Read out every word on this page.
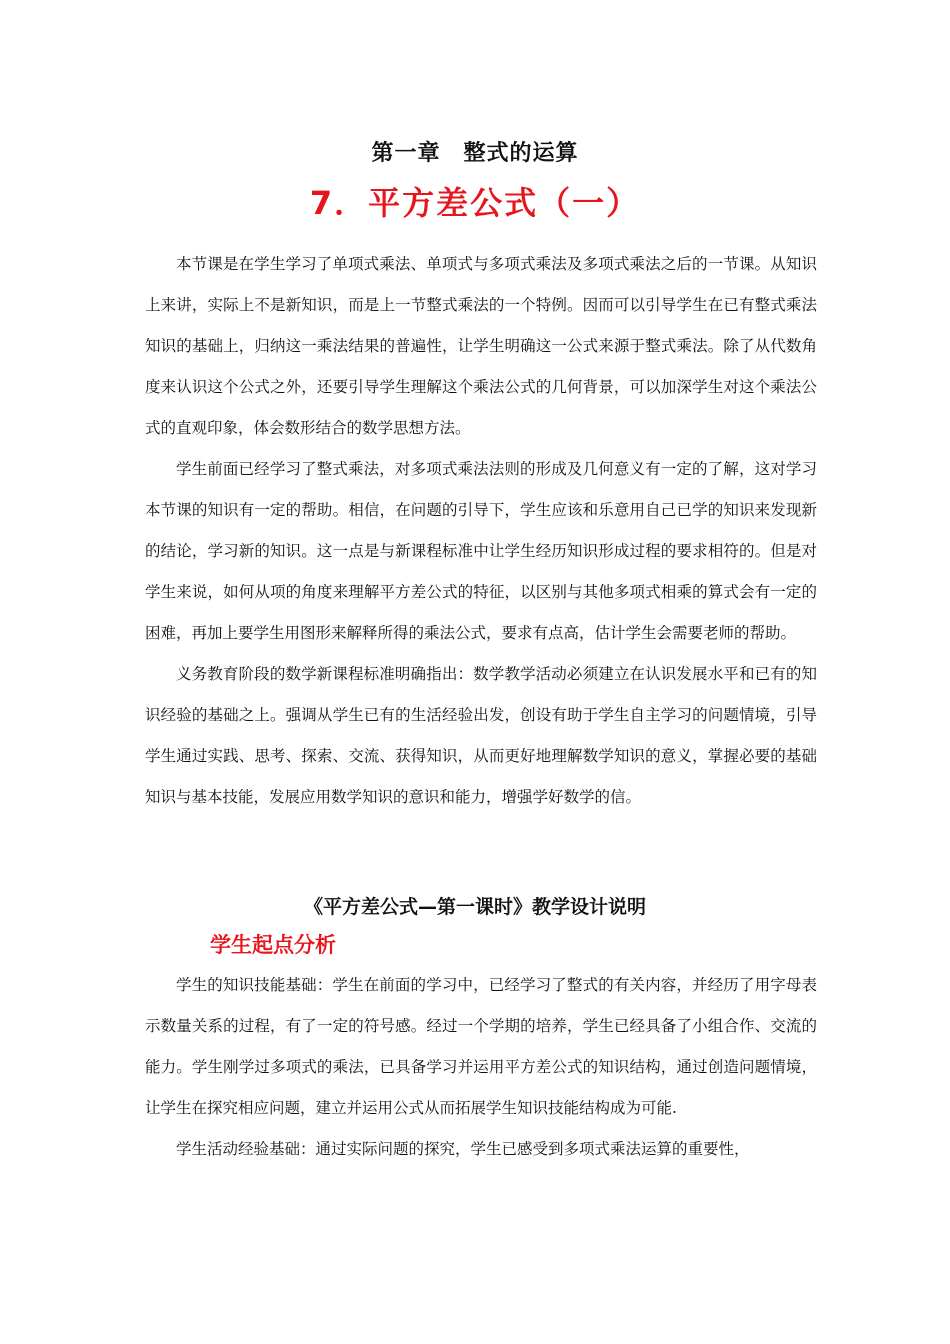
第一章　整式的运算
7．平方差公式（一）

本节课是在学生学习了单项式乘法、单项式与多项式乘法及多项式乘法之后的一节课。从知识上来讲，实际上不是新知识，而是上一节整式乘法的一个特例。因而可以引导学生在已有整式乘法知识的基础上，归纳这一乘法结果的普遍性，让学生明确这一公式来源于整式乘法。除了从代数角度来认识这个公式之外，还要引导学生理解这个乘法公式的几何背景，可以加深学生对这个乘法公式的直观印象，体会数形结合的数学思想方法。

学生前面已经学习了整式乘法，对多项式乘法法则的形成及几何意义有一定的了解，这对学习本节课的知识有一定的帮助。相信，在问题的引导下，学生应该和乐意用自己已学的知识来发现新的结论，学习新的知识。这一点是与新课程标准中让学生经历知识形成过程的要求相符的。但是对学生来说，如何从项的角度来理解平方差公式的特征，以区别与其他多项式相乘的算式会有一定的困难，再加上要学生用图形来解释所得的乘法公式，要求有点高，估计学生会需要老师的帮助。

义务教育阶段的数学新课程标准明确指出：数学教学活动必须建立在认识发展水平和已有的知识经验的基础之上。强调从学生已有的生活经验出发，创设有助于学生自主学习的问题情境，引导学生通过实践、思考、探索、交流、获得知识，从而更好地理解数学知识的意义，掌握必要的基础知识与基本技能，发展应用数学知识的意识和能力，增强学好数学的信。

《平方差公式—第一课时》教学设计说明
学生起点分析

学生的知识技能基础：学生在前面的学习中，已经学习了整式的有关内容，并经历了用字母表示数量关系的过程，有了一定的符号感。经过一个学期的培养，学生已经具备了小组合作、交流的能力。学生刚学过多项式的乘法，已具备学习并运用平方差公式的知识结构，通过创造问题情境，让学生在探究相应问题，建立并运用公式从而拓展学生知识技能结构成为可能.

学生活动经验基础：通过实际问题的探究，学生已感受到多项式乘法运算的重要性，
